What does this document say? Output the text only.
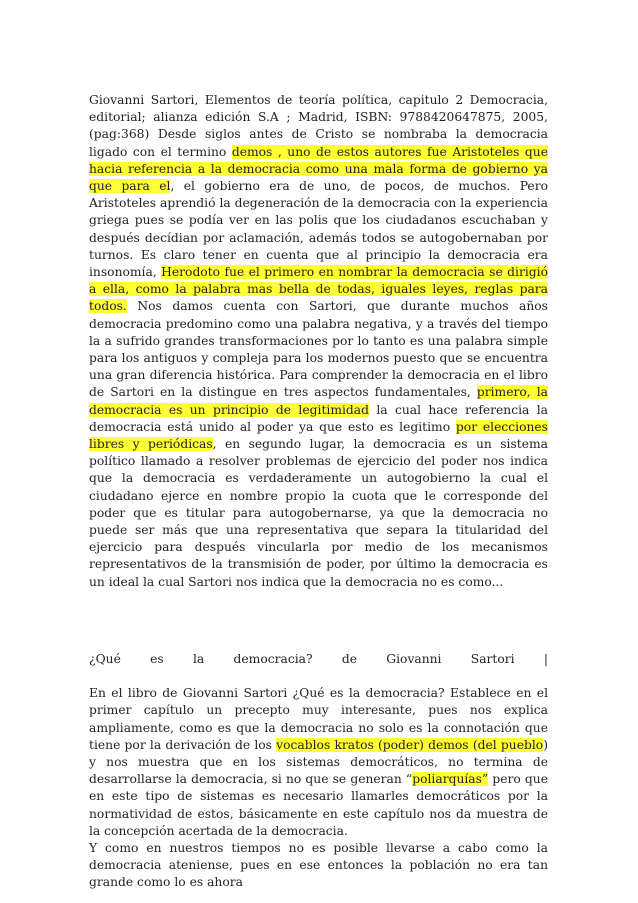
Giovanni Sartori, Elementos de teoría política, capitulo 2 Democracia, editorial; alianza edición S.A ; Madrid, ISBN: 9788420647875, 2005, (pag:368) Desde siglos antes de Cristo se nombraba la democracia ligado con el termino demos , uno de estos autores fue Aristoteles que hacia referencia a la democracia como una mala forma de gobierno ya que para el, el gobierno era de uno, de pocos, de muchos. Pero Aristoteles aprendió la degeneración de la democracia con la experiencia griega pues se podía ver en las polis que los ciudadanos escuchaban y después decídian por aclamación, además todos se autogobernaban por turnos. Es claro tener en cuenta que al principio la democracia era insonomía, Herodoto fue el primero en nombrar la democracia se dirigió a ella, como la palabra mas bella de todas, iguales leyes, reglas para todos. Nos damos cuenta con Sartori, que durante muchos años democracia predomino como una palabra negativa, y a través del tiempo la a sufrido grandes transformaciones por lo tanto es una palabra simple para los antiguos y compleja para los modernos puesto que se encuentra una gran diferencia histórica. Para comprender la democracia en el libro de Sartori en la distingue en tres aspectos fundamentales, primero, la democracia es un principio de legitimidad la cual hace referencia la democracia está unido al poder ya que esto es legitimo por elecciones libres y periódicas, en segundo lugar, la democracia es un sistema político llamado a resolver problemas de ejercicio del poder nos indica que la democracia es verdaderamente un autogobierno la cual el ciudadano ejerce en nombre propio la cuota que le corresponde del poder que es titular para autogobernarse, ya que la democracia no puede ser más que una representativa que separa la titularidad del ejercicio para después vincularla por medio de los mecanismos representativos de la transmisión de poder, por último la democracia es un ideal la cual Sartori nos indica que la democracia no es como...

¿Qué es la democracia? de Giovanni Sartori |

En el libro de Giovanni Sartori ¿Qué es la democracia? Establece en el primer capítulo un precepto muy interesante, pues nos explica ampliamente, como es que la democracia no solo es la connotación que tiene por la derivación de los vocablos kratos (poder) demos (del pueblo) y nos muestra que en los sistemas democráticos, no termina de desarrollarse la democracia, si no que se generan “poliarquías” pero que en este tipo de sistemas es necesario llamarles democráticos por la normatividad de estos, básicamente en este capítulo nos da muestra de la concepción acertada de la democracia.

Y como en nuestros tiempos no es posible llevarse a cabo como la democracia ateniense, pues en ese entonces la población no era tan grande como lo es ahora
